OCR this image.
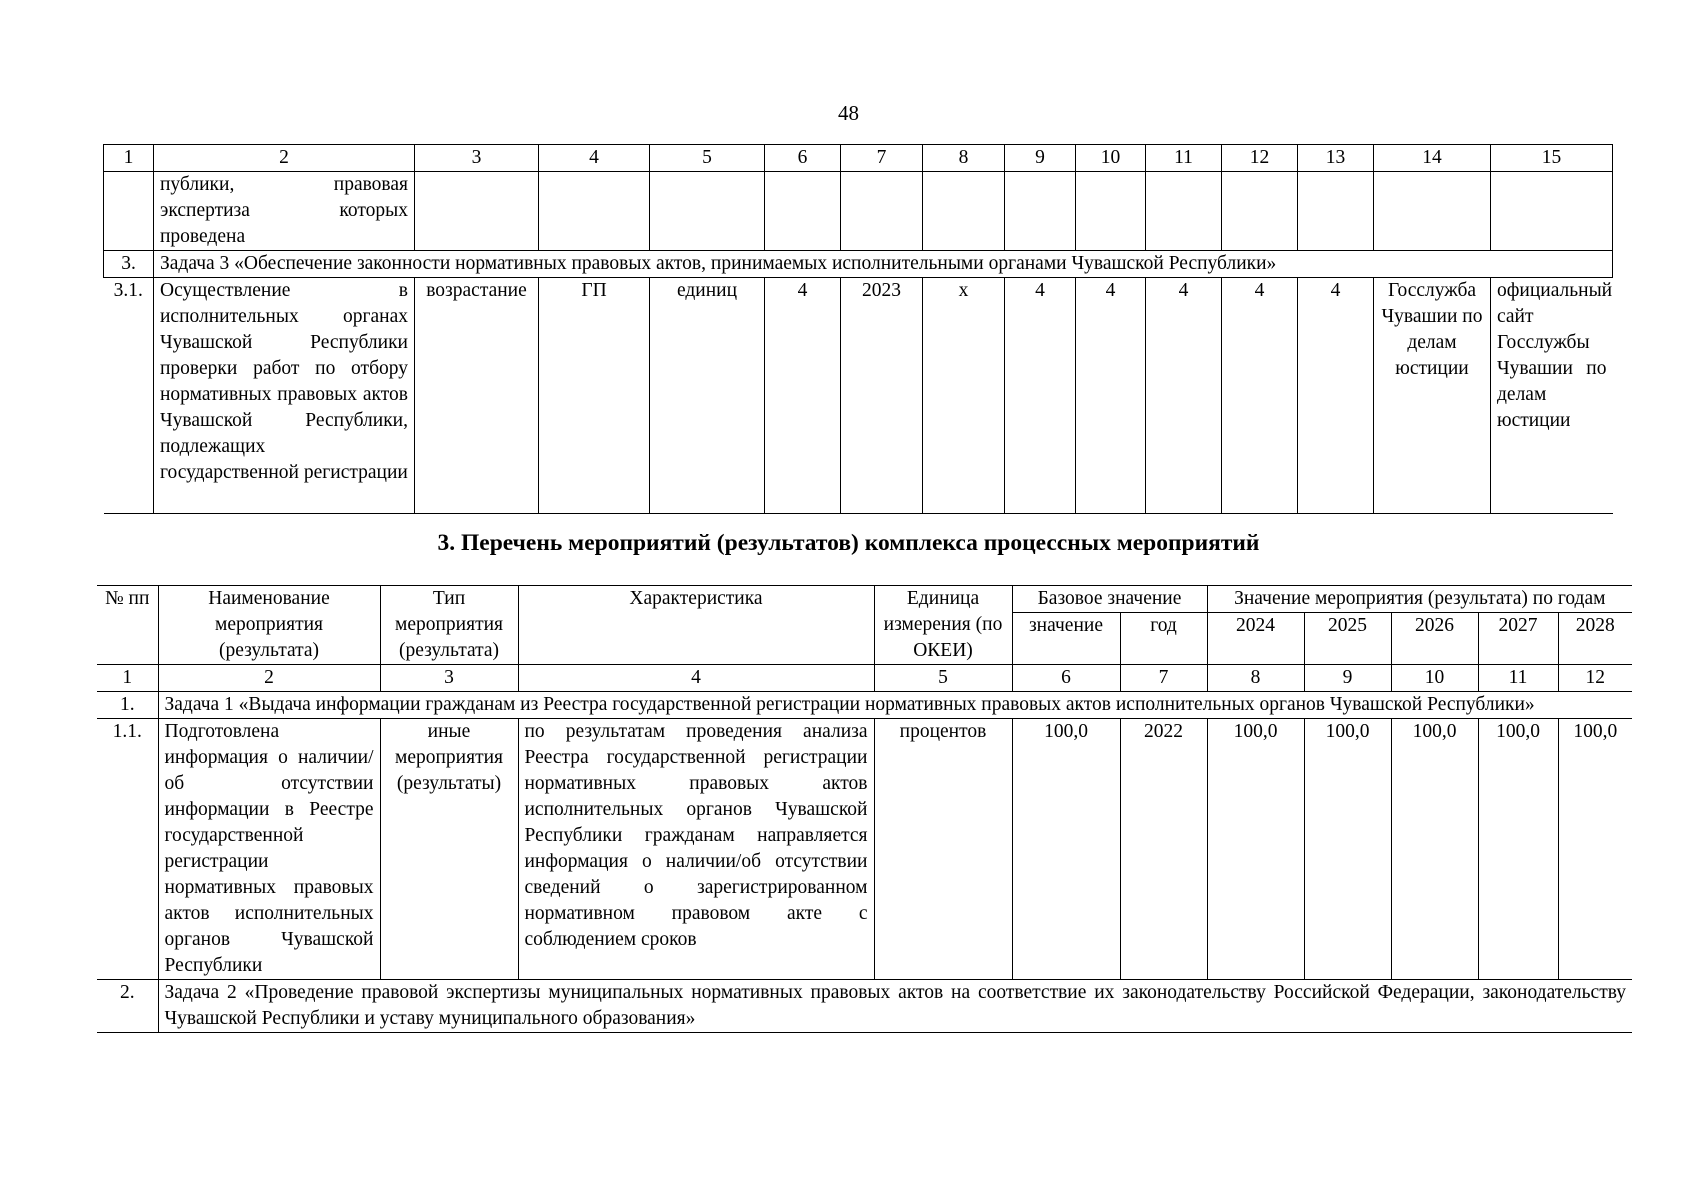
48
1	2	3	4	5	6	7	8	9	10	11	12	13	14	15
	публики, правовая экспертиза которых проведена													
3.	Задача 3 «Обеспечение законности нормативных правовых актов, принимаемых исполнительными органами Чувашской Республики»													
3.1.	Осуществление в исполнительных органах Чувашской Республики проверки работ по отбору нормативных правовых актов Чувашской Республики, подлежащих государственной регистрации	возрастание	ГП	единиц	4	2023	x	4	4	4	4	4	Госслужба Чувашии по делам юстиции	официальный сайт Госслужбы Чувашии по делам юстиции
3. Перечень мероприятий (результатов) комплекса процессных мероприятий
№ пп	Наименование мероприятия (результата)	Тип мероприятия (результата)	Характеристика	Единица измерения (по ОКЕИ)	Базовое значение		Значение мероприятия (результата) по годам				

					значение	год	2024	2025	2026	2027	2028
1	2	3	4	5	6	7	8	9	10	11	12
1.	Задача 1 «Выдача информации гражданам из Реестра государственной регистрации нормативных правовых актов исполнительных органов Чувашской Республики»										
1.1.	Подготовлена информация о наличии/об отсутствии информации в Реестре государственной регистрации нормативных правовых актов исполнительных органов Чувашской Республики	иные мероприятия (результаты)	по результатам проведения анализа Реестра государственной регистрации нормативных правовых актов исполнительных органов Чувашской Республики гражданам направляется информация о наличии/об отсутствии сведений о зарегистрированном нормативном правовом акте с соблюдением сроков	процентов	100,0	2022	100,0	100,0	100,0	100,0	100,0
2.	Задача 2 «Проведение правовой экспертизы муниципальных нормативных правовых актов на соответствие их законодательству Российской Федерации, законодательству Чувашской Республики и уставу муниципального образования»										
